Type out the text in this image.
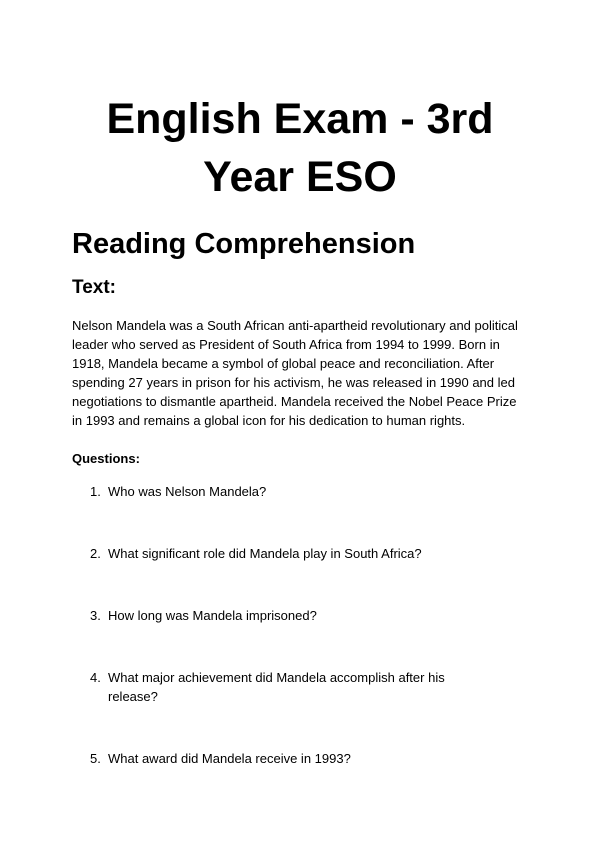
English Exam - 3rd Year ESO
Reading Comprehension
Text:

Nelson Mandela was a South African anti-apartheid revolutionary and political leader who served as President of South Africa from 1994 to 1999. Born in 1918, Mandela became a symbol of global peace and reconciliation. After spending 27 years in prison for his activism, he was released in 1990 and led negotiations to dismantle apartheid. Mandela received the Nobel Peace Prize in 1993 and remains a global icon for his dedication to human rights.

Questions:
1. Who was Nelson Mandela?
2. What significant role did Mandela play in South Africa?
3. How long was Mandela imprisoned?
4. What major achievement did Mandela accomplish after his release?
5. What award did Mandela receive in 1993?
